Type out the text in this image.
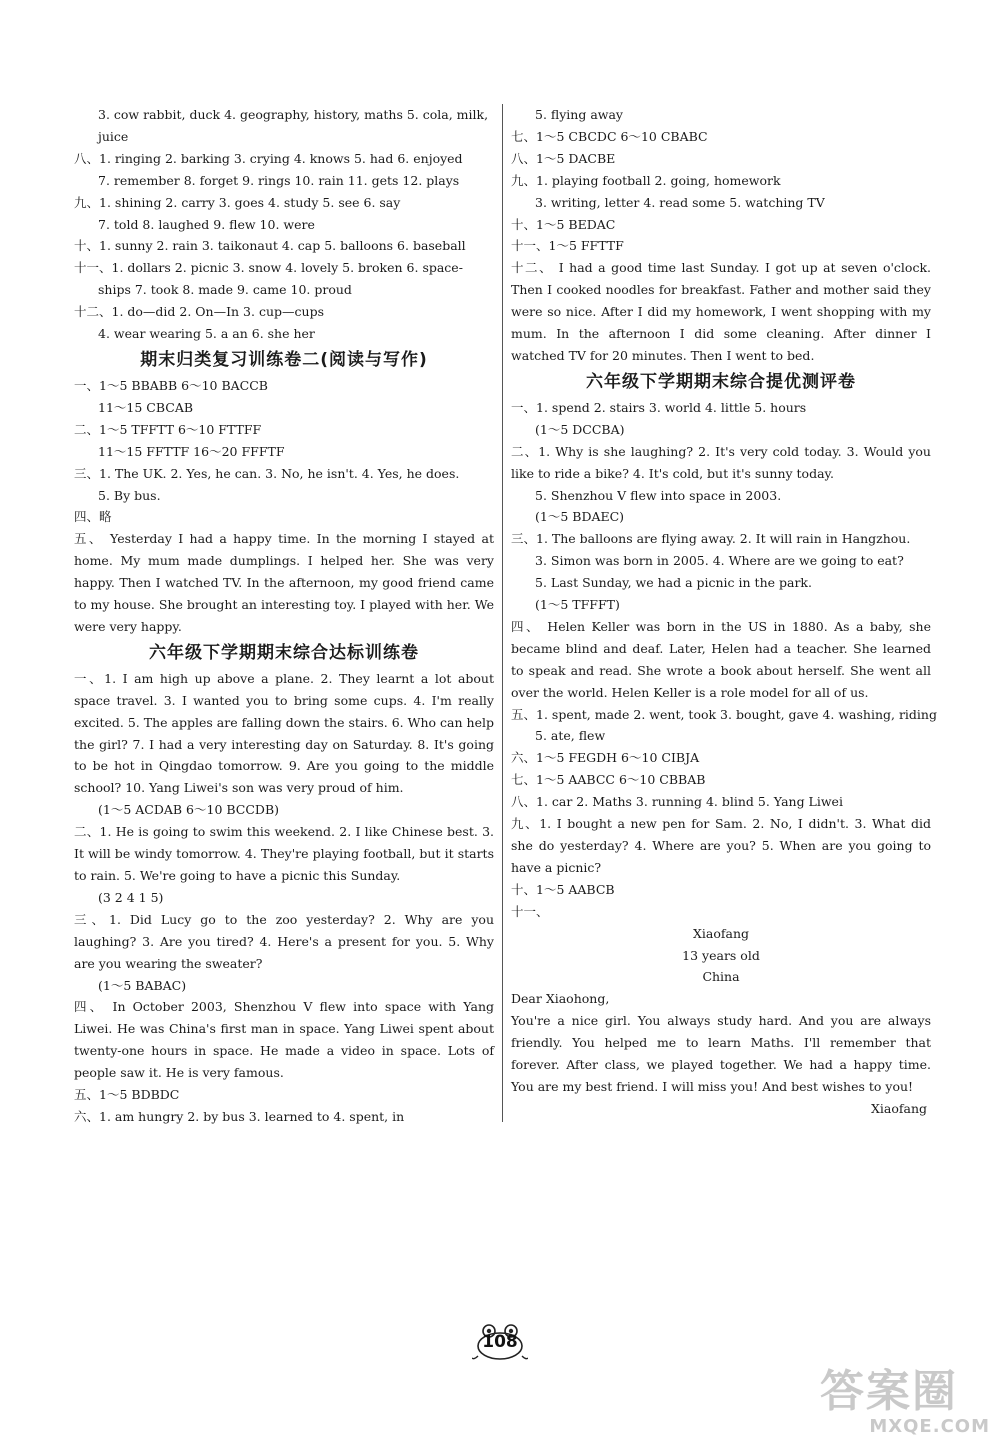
3. cow rabbit, duck 4. geography, history, maths 5. cola, milk,
juice
八、1. ringing 2. barking 3. crying 4. knows 5. had 6. enjoyed
7. remember 8. forget 9. rings 10. rain 11. gets 12. plays
九、1. shining 2. carry 3. goes 4. study 5. see 6. say
7. told 8. laughed 9. flew 10. were
十、1. sunny 2. rain 3. taikonaut 4. cap 5. balloons 6. baseball
十一、1. dollars 2. picnic 3. snow 4. lovely 5. broken 6. space-
ships 7. took 8. made 9. came 10. proud
十二、1. do—did 2. On—In 3. cup—cups
4. wear wearing 5. a an 6. she her
期末归类复习训练卷二(阅读与写作)
一、1～5 BBABB 6～10 BACCB
11～15 CBCAB
二、1～5 TFFTT 6～10 FTTFF
11～15 FFTTF 16～20 FFFTF
三、1. The UK. 2. Yes, he can. 3. No, he isn't. 4. Yes, he does.
5. By bus.
四、略
五、 Yesterday I had a happy time. In the morning I stayed at home. My mum made dumplings. I helped her. She was very happy. Then I watched TV. In the afternoon, my good friend came to my house. She brought an interesting toy. I played with her. We were very happy.
六年级下学期期末综合达标训练卷
一、1. I am high up above a plane. 2. They learnt a lot about space travel. 3. I wanted you to bring some cups. 4. I'm really excited. 5. The apples are falling down the stairs. 6. Who can help the girl? 7. I had a very interesting day on Saturday. 8. It's going to be hot in Qingdao tomorrow. 9. Are you going to the middle school? 10. Yang Liwei's son was very proud of him.
(1～5 ACDAB 6～10 BCCDB)
二、1. He is going to swim this weekend. 2. I like Chinese best. 3. It will be windy tomorrow. 4. They're playing football, but it starts to rain. 5. We're going to have a picnic this Sunday.
(3 2 4 1 5)
三、1. Did Lucy go to the zoo yesterday? 2. Why are you laughing? 3. Are you tired? 4. Here's a present for you. 5. Why are you wearing the sweater?
(1～5 BABAC)
四、 In October 2003, Shenzhou V flew into space with Yang Liwei. He was China's first man in space. Yang Liwei spent about twenty-one hours in space. He made a video in space. Lots of people saw it. He is very famous.
五、1～5 BDBDC
六、1. am hungry 2. by bus 3. learned to 4. spent, in
5. flying away
七、1～5 CBCDC 6～10 CBABC
八、1～5 DACBE
九、1. playing football 2. going, homework
3. writing, letter 4. read some 5. watching TV
十、1～5 BEDAC
十一、1～5 FFTTF
十二、 I had a good time last Sunday. I got up at seven o'clock. Then I cooked noodles for breakfast. Father and mother said they were so nice. After I did my homework, I went shopping with my mum. In the afternoon I did some cleaning. After dinner I watched TV for 20 minutes. Then I went to bed.
六年级下学期期末综合提优测评卷
一、1. spend 2. stairs 3. world 4. little 5. hours
(1～5 DCCBA)
二、1. Why is she laughing? 2. It's very cold today. 3. Would you like to ride a bike? 4. It's cold, but it's sunny today.
5. Shenzhou V flew into space in 2003.
(1～5 BDAEC)
三、1. The balloons are flying away. 2. It will rain in Hangzhou.
3. Simon was born in 2005. 4. Where are we going to eat?
5. Last Sunday, we had a picnic in the park.
(1～5 TFFFT)
四、 Helen Keller was born in the US in 1880. As a baby, she became blind and deaf. Later, Helen had a teacher. She learned to speak and read. She wrote a book about herself. She went all over the world. Helen Keller is a role model for all of us.
五、1. spent, made 2. went, took 3. bought, gave 4. washing, riding
5. ate, flew
六、1～5 FEGDH 6～10 CIBJA
七、1～5 AABCC 6～10 CBBAB
八、1. car 2. Maths 3. running 4. blind 5. Yang Liwei
九、1. I bought a new pen for Sam. 2. No, I didn't. 3. What did she do yesterday? 4. Where are you? 5. When are you going to have a picnic?
十、1～5 AABCB
十一、
Xiaofang
13 years old
China
Dear Xiaohong,
You're a nice girl. You always study hard. And you are always friendly. You helped me to learn Maths. I'll remember that forever. After class, we played together. We had a happy time. You are my best friend. I will miss you! And best wishes to you!
Xiaofang
108
答案圈
MXQE.COM
